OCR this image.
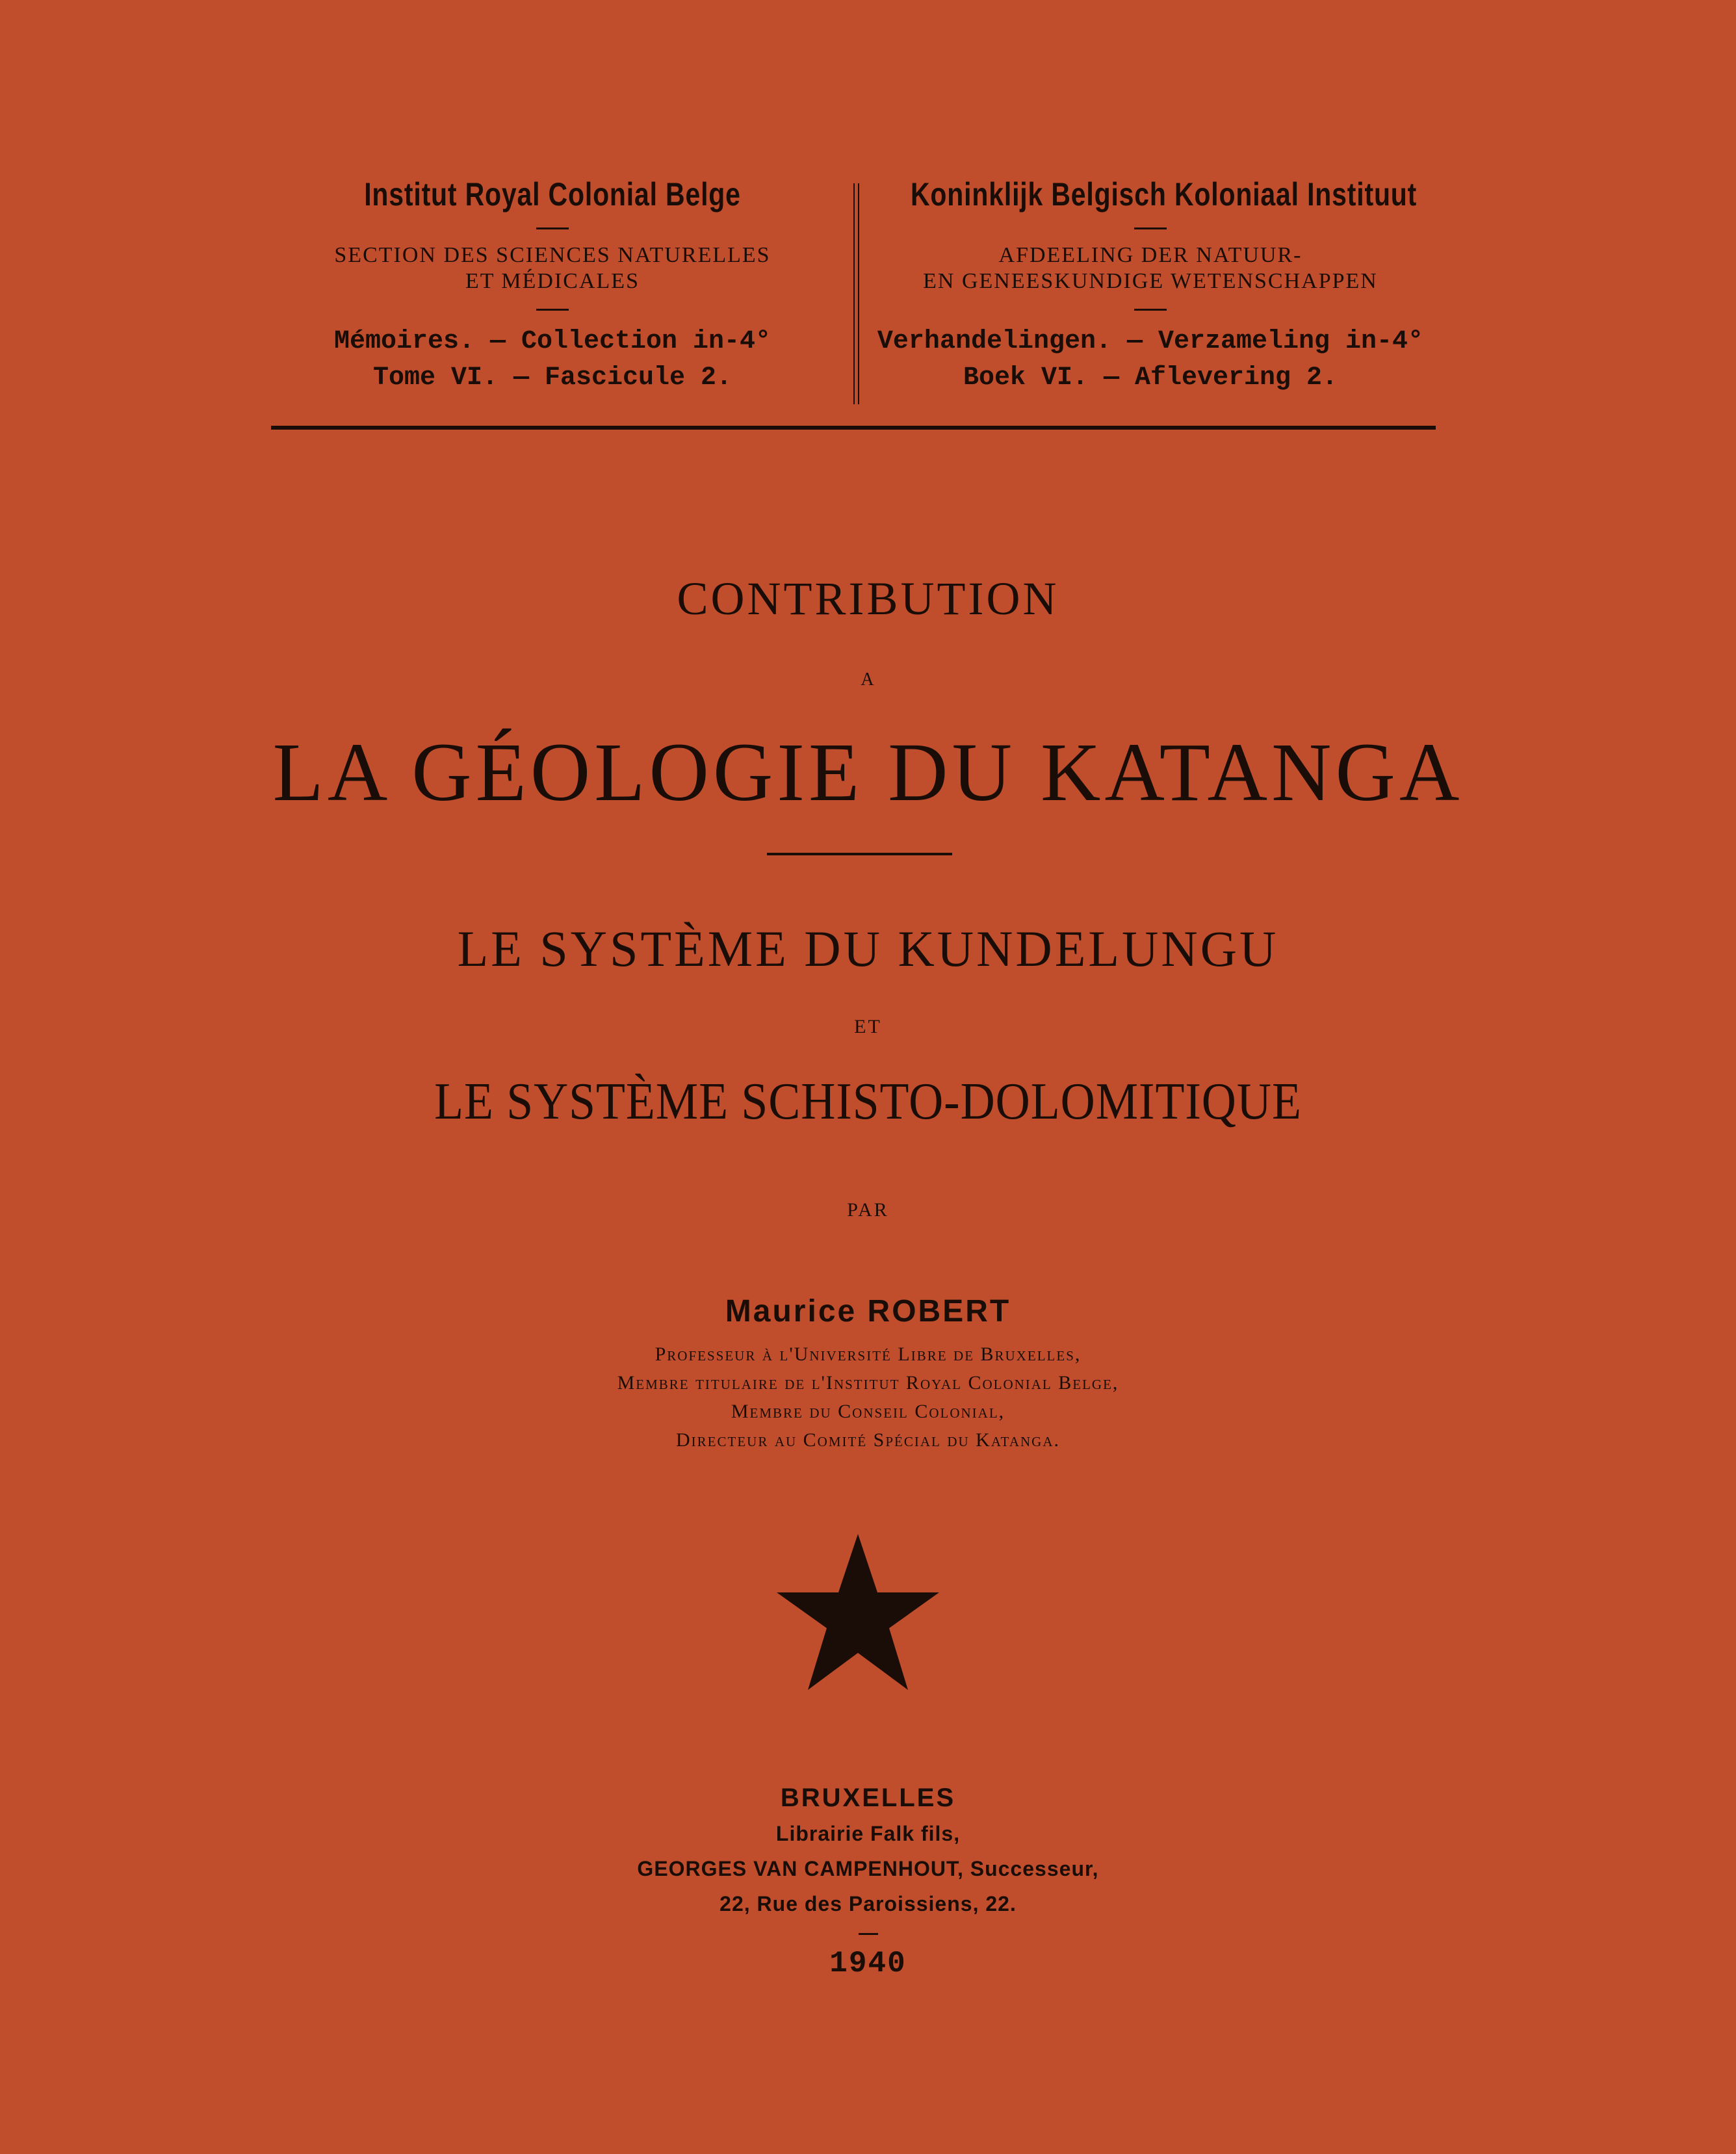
Institut Royal Colonial Belge
SECTION DES SCIENCES NATURELLES
ET MÉDICALES
Mémoires. — Collection in-4°
Tome VI. — Fascicule 2.
Koninklijk Belgisch Koloniaal Instituut
AFDEELING DER NATUUR-
EN GENEESKUNDIGE WETENSCHAPPEN
Verhandelingen. — Verzameling in-4°
Boek VI. — Aflevering 2.
CONTRIBUTION
A
LA GÉOLOGIE DU KATANGA
LE SYSTÈME DU KUNDELUNGU
ET
LE SYSTÈME SCHISTO-DOLOMITIQUE
PAR
Maurice ROBERT
Professeur à l'Université Libre de Bruxelles,
Membre titulaire de l'Institut Royal Colonial Belge,
Membre du Conseil Colonial,
Directeur au Comité Spécial du Katanga.
BRUXELLES
Librairie Falk fils,
GEORGES VAN CAMPENHOUT, Successeur,
22, Rue des Paroissiens, 22.
1940
